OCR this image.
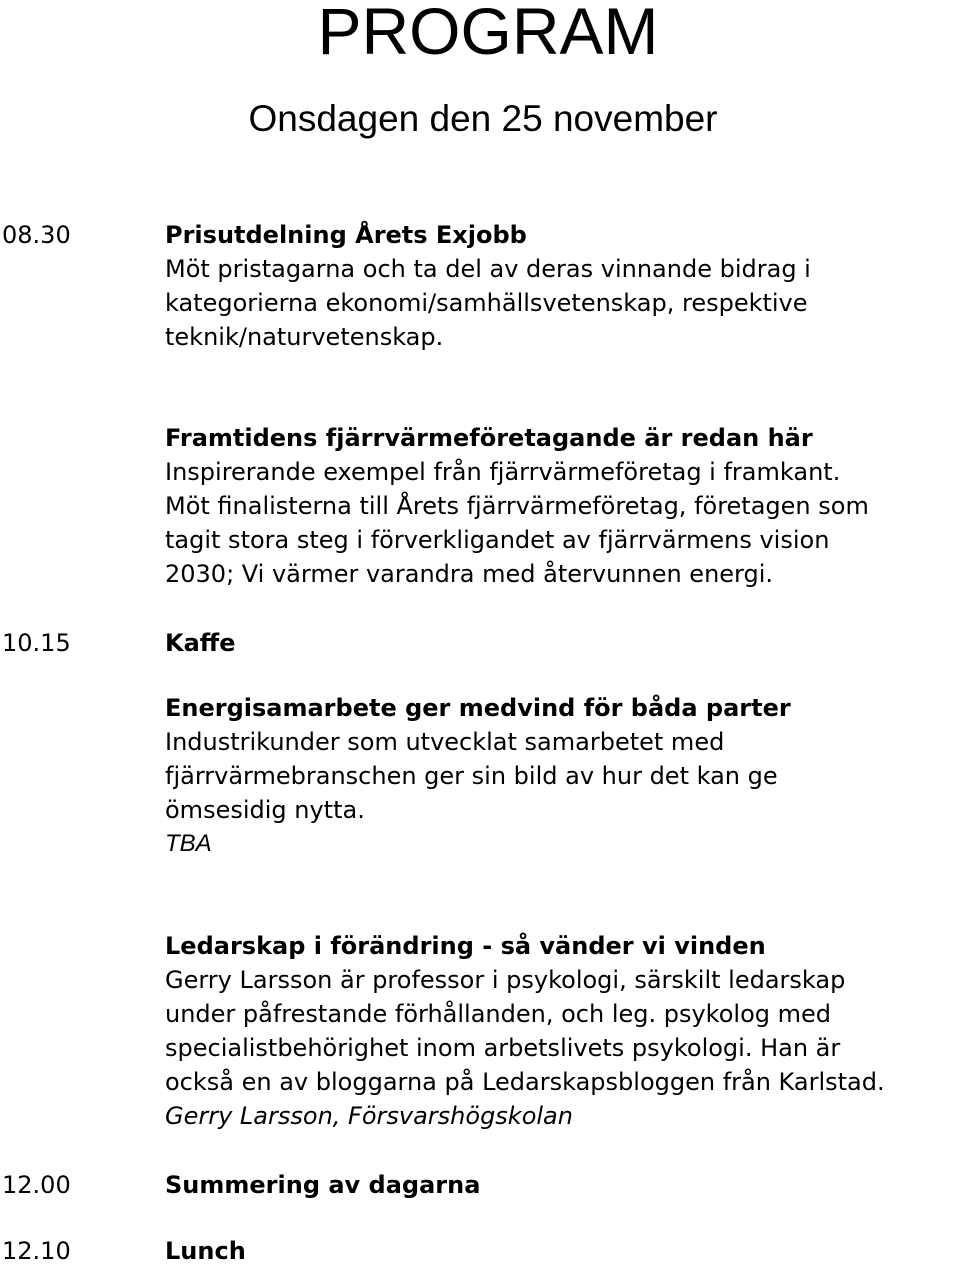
PROGRAM
Onsdagen den 25 november
08.30	Prisutdelning Årets Exjobb
Möt pristagarna och ta del av deras vinnande bidrag i
kategorierna ekonomi/samhällsvetenskap, respektive
teknik/naturvetenskap.
Framtidens fjärrvärmeföretagande är redan här
Inspirerande exempel från fjärrvärmeföretag i framkant.
Möt finalisterna till Årets fjärrvärmeföretag, företagen som
tagit stora steg i förverkligandet av fjärrvärmens vision
2030; Vi värmer varandra med återvunnen energi.
10.15	Kaffe
Energisamarbete ger medvind för båda parter
Industrikunder som utvecklat samarbetet med
fjärrvärmebranschen ger sin bild av hur det kan ge
ömsesidig nytta.
TBA
Ledarskap i förändring - så vänder vi vinden
Gerry Larsson är professor i psykologi, särskilt ledarskap
under påfrestande förhållanden, och leg. psykolog med
specialistbehörighet inom arbetslivets psykologi. Han är
också en av bloggarna på Ledarskapsbloggen från Karlstad.
Gerry Larsson, Försvarshögskolan
12.00	Summering av dagarna
12.10	Lunch
